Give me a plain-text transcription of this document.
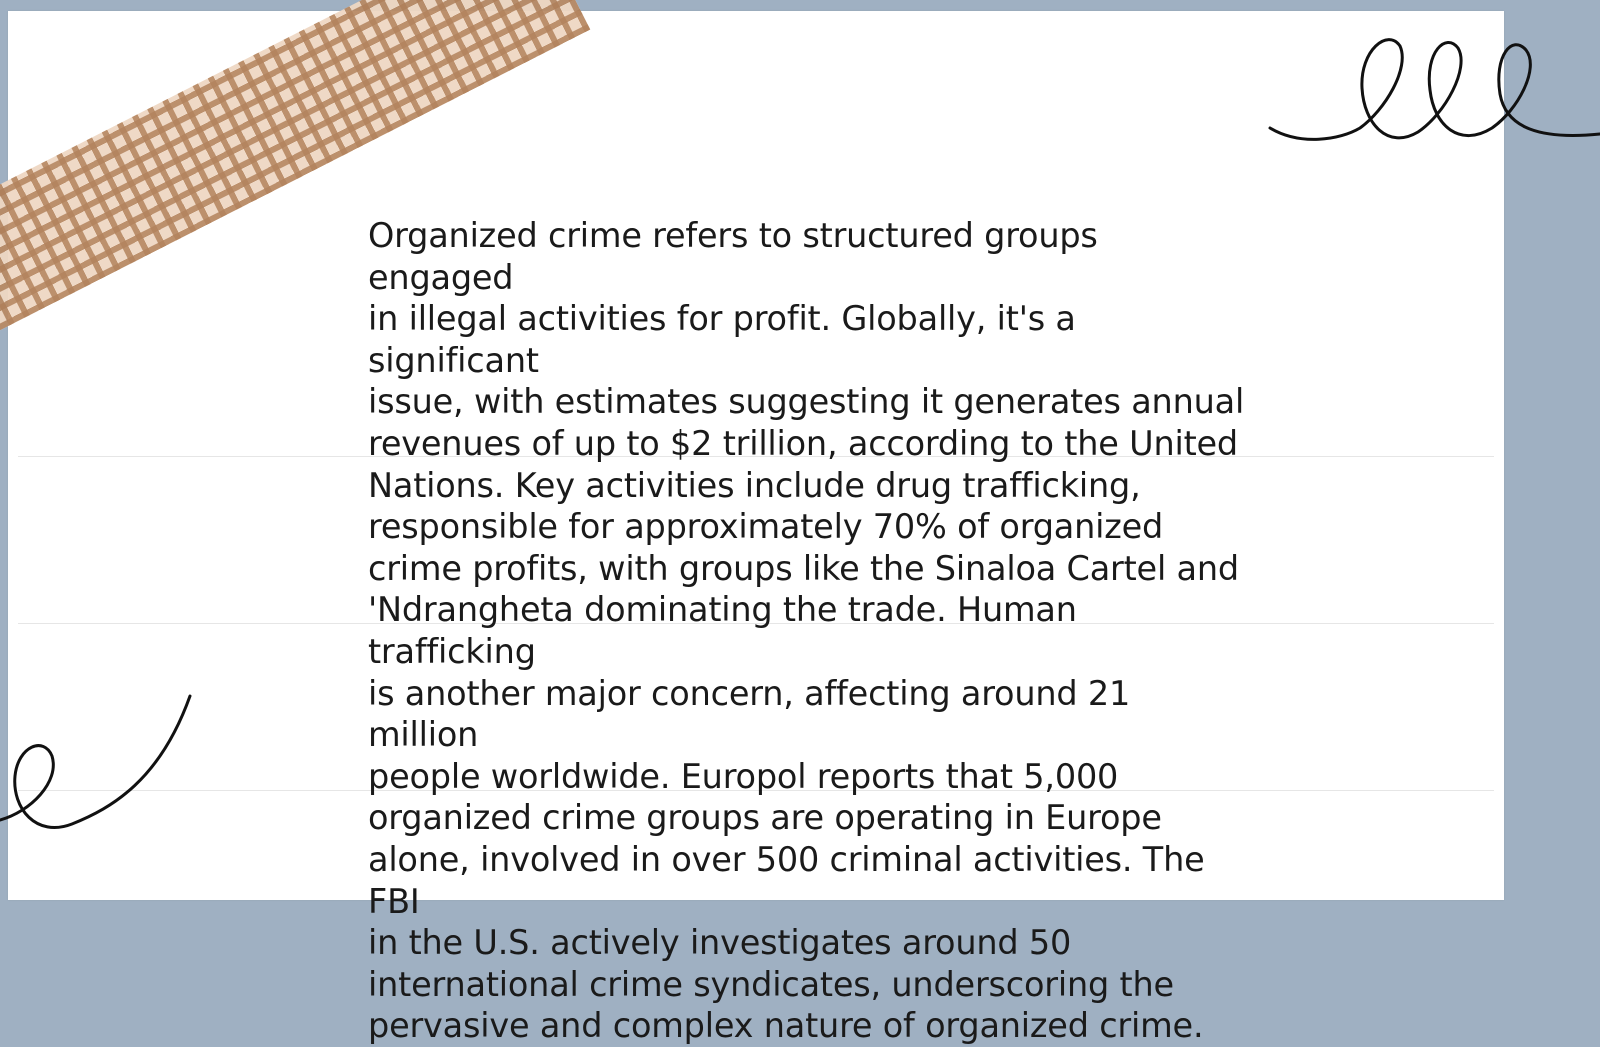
Organized crime refers to structured groups engaged
in illegal activities for profit. Globally, it's a significant
issue, with estimates suggesting it generates annual
revenues of up to $2 trillion, according to the United
Nations. Key activities include drug trafficking,
responsible for approximately 70% of organized
crime profits, with groups like the Sinaloa Cartel and
'Ndrangheta dominating the trade. Human trafficking
is another major concern, affecting around 21 million
people worldwide. Europol reports that 5,000
organized crime groups are operating in Europe
alone, involved in over 500 criminal activities. The FBI
in the U.S. actively investigates around 50
international crime syndicates, underscoring the
pervasive and complex nature of organized crime.
